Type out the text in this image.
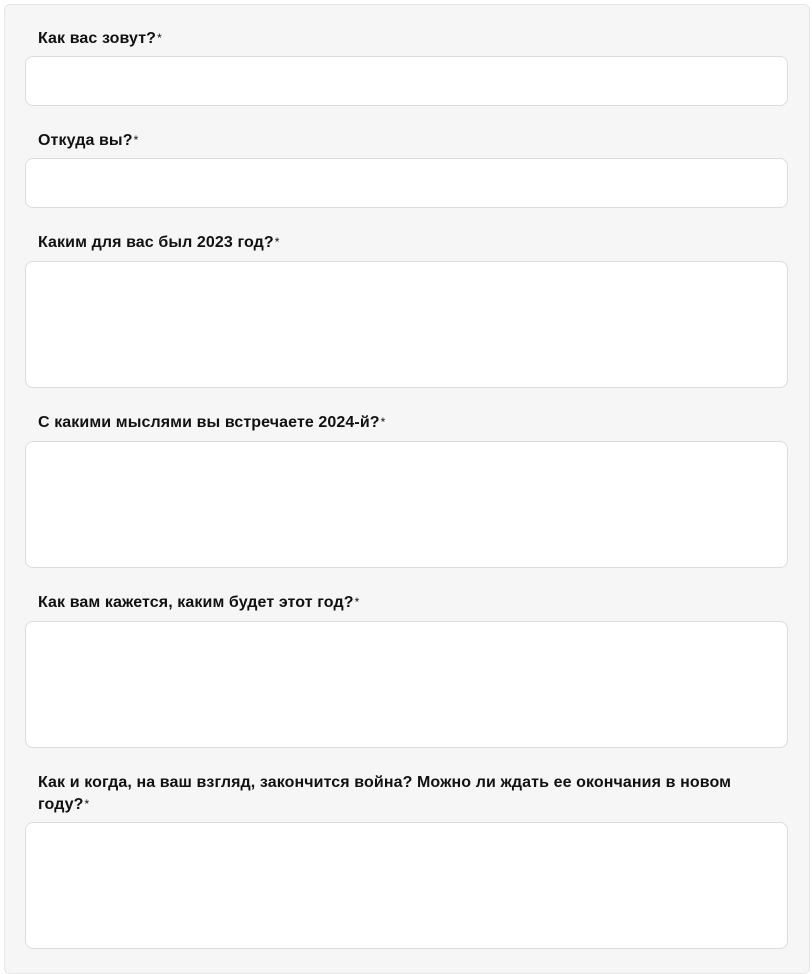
Как вас зовут?*
Откуда вы?*
Каким для вас был 2023 год?*
С какими мыслями вы встречаете 2024-й?*
Как вам кажется, каким будет этот год?*
Как и когда, на ваш взгляд, закончится война? Можно ли ждать ее окончания в новом году?*
